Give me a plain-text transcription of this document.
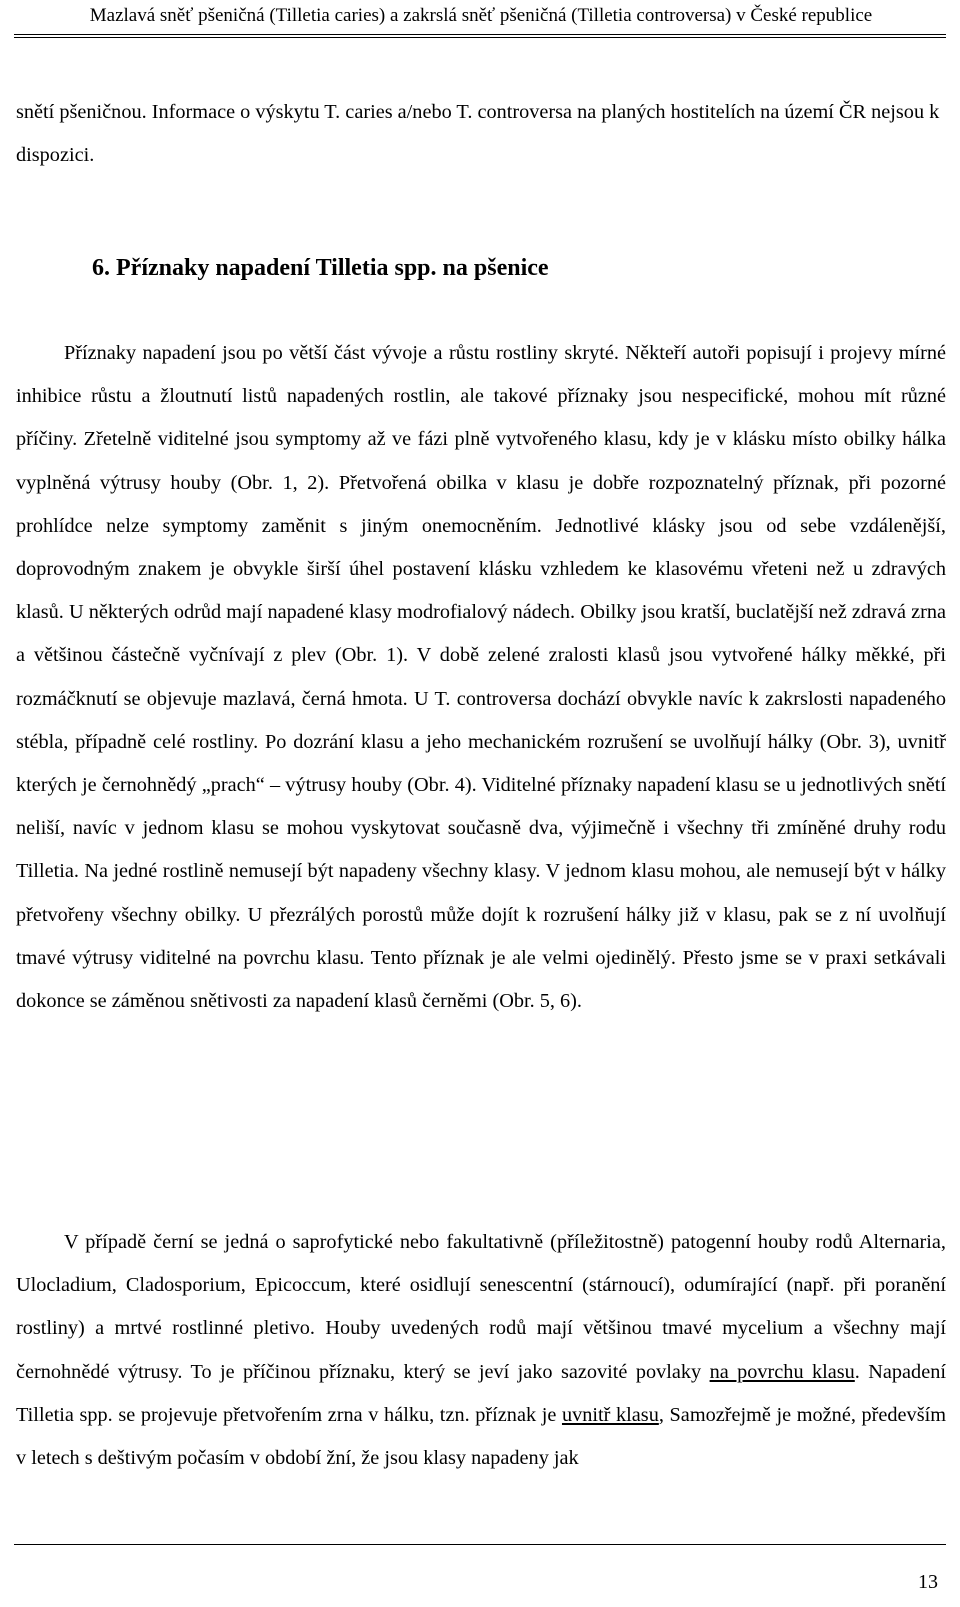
Mazlavá sněť pšeničná (Tilletia caries) a zakrslá sněť pšeničná (Tilletia controversa) v České republice

snětí pšeničnou. Informace o výskytu T. caries a/nebo T. controversa na planých hostitelích na území ČR nejsou k dispozici.

6. Příznaky napadení Tilletia spp. na pšenice

Příznaky napadení jsou po větší část vývoje a růstu rostliny skryté. Někteří autoři popisují i projevy mírné inhibice růstu a žloutnutí listů napadených rostlin, ale takové příznaky jsou nespecifické, mohou mít různé příčiny. Zřetelně viditelné jsou symptomy až ve fázi plně vytvořeného klasu, kdy je v klásku místo obilky hálka vyplněná výtrusy houby (Obr. 1, 2). Přetvořená obilka v klasu je dobře rozpoznatelný příznak, při pozorné prohlídce nelze symptomy zaměnit s jiným onemocněním. Jednotlivé klásky jsou od sebe vzdálenější, doprovodným znakem je obvykle širší úhel postavení klásku vzhledem ke klasovému vřeteni než u zdravých klasů. U některých odrůd mají napadené klasy modrofialový nádech. Obilky jsou kratší, buclatější než zdravá zrna a většinou částečně vyčnívají z plev (Obr. 1). V době zelené zralosti klasů jsou vytvořené hálky měkké, při rozmáčknutí se objevuje mazlavá, černá hmota. U T. controversa dochází obvykle navíc k zakrslosti napadeného stébla, případně celé rostliny. Po dozrání klasu a jeho mechanickém rozrušení se uvolňují hálky (Obr. 3), uvnitř kterých je černohnědý „prach“ – výtrusy houby (Obr. 4). Viditelné příznaky napadení klasu se u jednotlivých snětí neliší, navíc v jednom klasu se mohou vyskytovat současně dva, výjimečně i všechny tři zmíněné druhy rodu Tilletia. Na jedné rostlině nemusejí být napadeny všechny klasy. V jednom klasu mohou, ale nemusejí být v hálky přetvořeny všechny obilky. U přezrálých porostů může dojít k rozrušení hálky již v klasu, pak se z ní uvolňují tmavé výtrusy viditelné na povrchu klasu. Tento příznak je ale velmi ojedinělý. Přesto jsme se v praxi setkávali dokonce se záměnou snětivosti za napadení klasů černěmi (Obr. 5, 6).

V případě černí se jedná o saprofytické nebo fakultativně (příležitostně) patogenní houby rodů Alternaria, Ulocladium, Cladosporium, Epicoccum, které osidlují senescentní (stárnoucí), odumírající (např. při poranění rostliny) a mrtvé rostlinné pletivo. Houby uvedených rodů mají většinou tmavé mycelium a všechny mají černohnědé výtrusy. To je příčinou příznaku, který se jeví jako sazovité povlaky na povrchu klasu. Napadení Tilletia spp. se projevuje přetvořením zrna v hálku, tzn. příznak je uvnitř klasu, Samozřejmě je možné, především v letech s deštivým počasím v období žní, že jsou klasy napadeny jak

13
